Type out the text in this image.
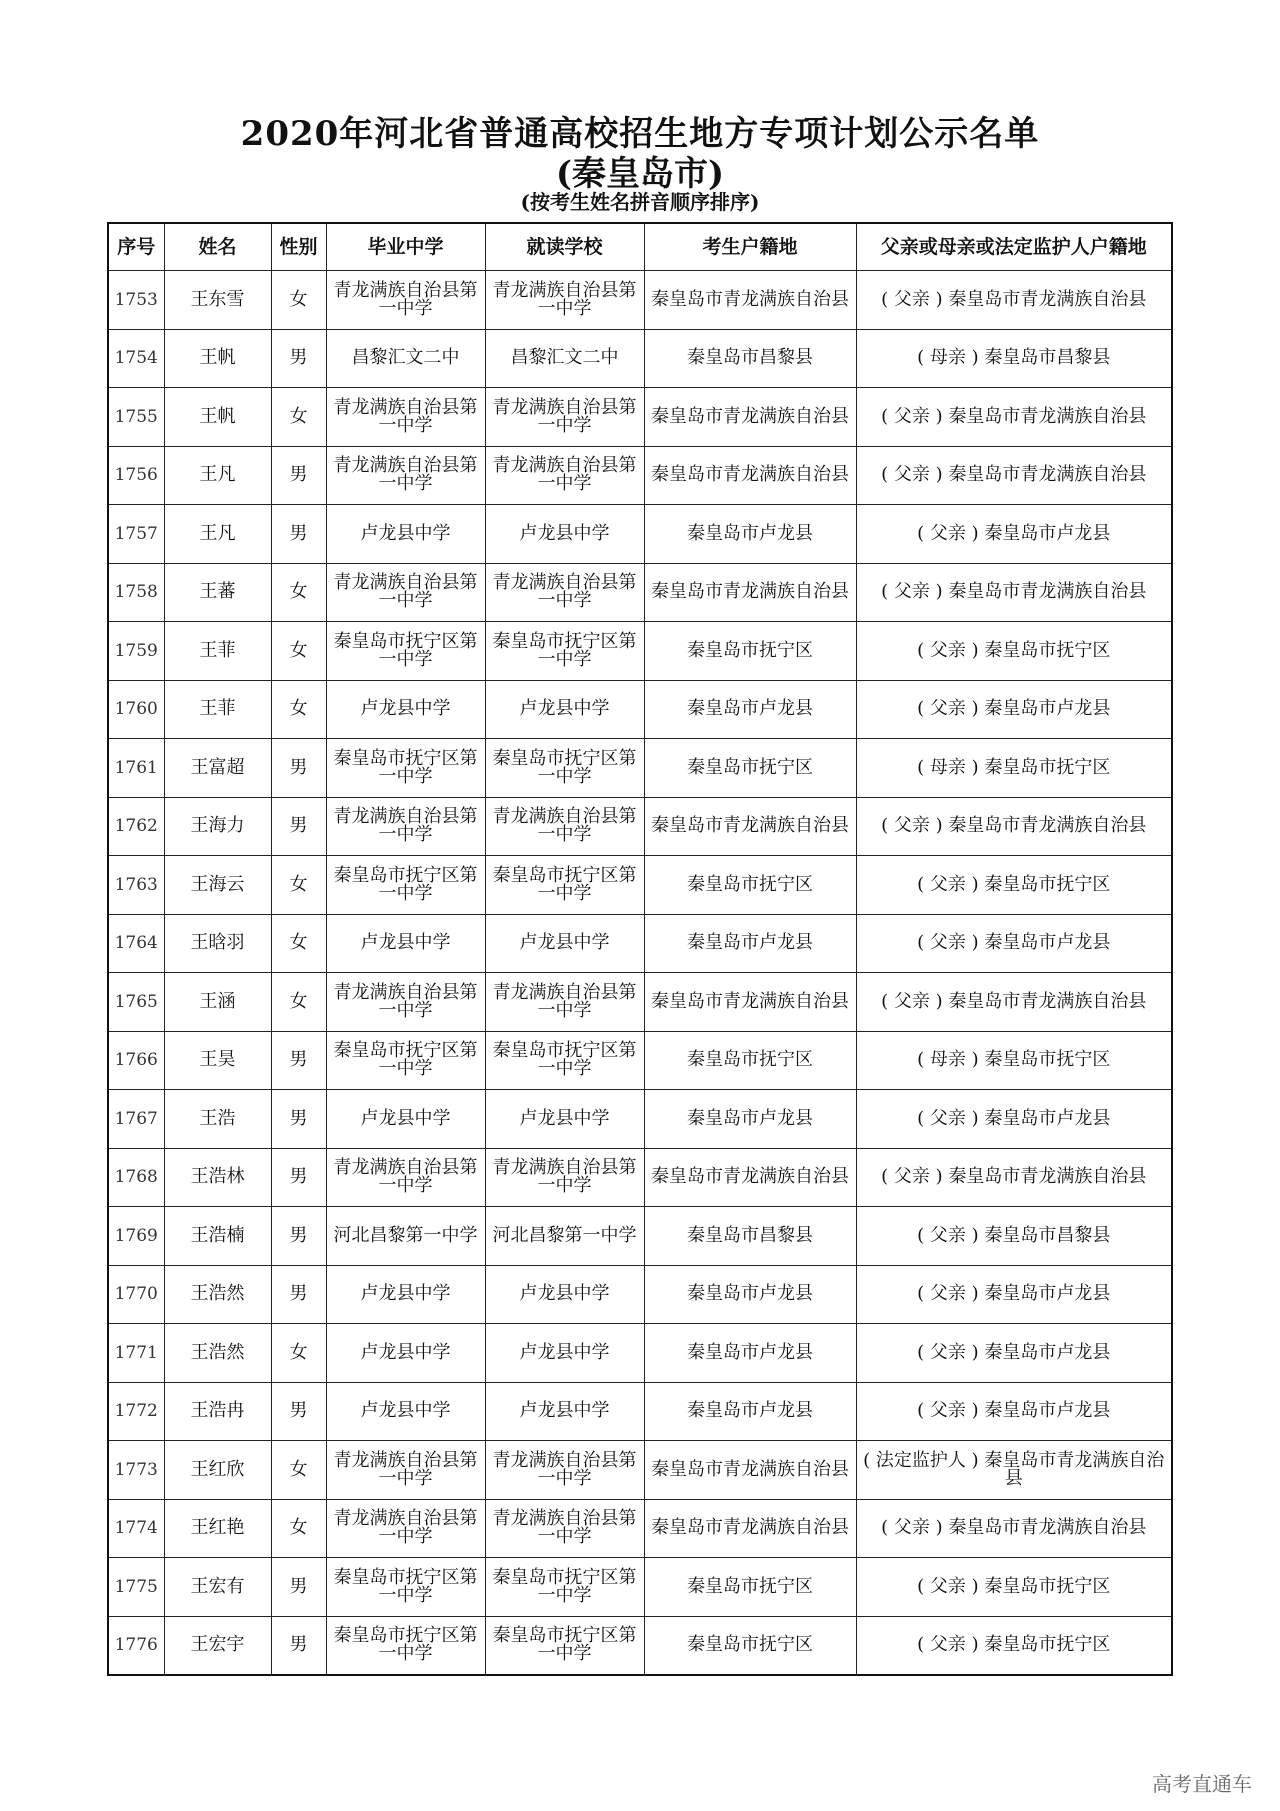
2020年河北省普通高校招生地方专项计划公示名单
(秦皇岛市)
(按考生姓名拼音顺序排序)
序号	姓名	性别	毕业中学	就读学校	考生户籍地	父亲或母亲或法定监护人户籍地
1753	王东雪	女	青龙满族自治县第一中学	青龙满族自治县第一中学	秦皇岛市青龙满族自治县	( 父亲 ) 秦皇岛市青龙满族自治县
1754	王帆	男	昌黎汇文二中	昌黎汇文二中	秦皇岛市昌黎县	( 母亲 ) 秦皇岛市昌黎县
1755	王帆	女	青龙满族自治县第一中学	青龙满族自治县第一中学	秦皇岛市青龙满族自治县	( 父亲 ) 秦皇岛市青龙满族自治县
1756	王凡	男	青龙满族自治县第一中学	青龙满族自治县第一中学	秦皇岛市青龙满族自治县	( 父亲 ) 秦皇岛市青龙满族自治县
1757	王凡	男	卢龙县中学	卢龙县中学	秦皇岛市卢龙县	( 父亲 ) 秦皇岛市卢龙县
1758	王蕃	女	青龙满族自治县第一中学	青龙满族自治县第一中学	秦皇岛市青龙满族自治县	( 父亲 ) 秦皇岛市青龙满族自治县
1759	王菲	女	秦皇岛市抚宁区第一中学	秦皇岛市抚宁区第一中学	秦皇岛市抚宁区	( 父亲 ) 秦皇岛市抚宁区
1760	王菲	女	卢龙县中学	卢龙县中学	秦皇岛市卢龙县	( 父亲 ) 秦皇岛市卢龙县
1761	王富超	男	秦皇岛市抚宁区第一中学	秦皇岛市抚宁区第一中学	秦皇岛市抚宁区	( 母亲 ) 秦皇岛市抚宁区
1762	王海力	男	青龙满族自治县第一中学	青龙满族自治县第一中学	秦皇岛市青龙满族自治县	( 父亲 ) 秦皇岛市青龙满族自治县
1763	王海云	女	秦皇岛市抚宁区第一中学	秦皇岛市抚宁区第一中学	秦皇岛市抚宁区	( 父亲 ) 秦皇岛市抚宁区
1764	王晗羽	女	卢龙县中学	卢龙县中学	秦皇岛市卢龙县	( 父亲 ) 秦皇岛市卢龙县
1765	王涵	女	青龙满族自治县第一中学	青龙满族自治县第一中学	秦皇岛市青龙满族自治县	( 父亲 ) 秦皇岛市青龙满族自治县
1766	王昊	男	秦皇岛市抚宁区第一中学	秦皇岛市抚宁区第一中学	秦皇岛市抚宁区	( 母亲 ) 秦皇岛市抚宁区
1767	王浩	男	卢龙县中学	卢龙县中学	秦皇岛市卢龙县	( 父亲 ) 秦皇岛市卢龙县
1768	王浩林	男	青龙满族自治县第一中学	青龙满族自治县第一中学	秦皇岛市青龙满族自治县	( 父亲 ) 秦皇岛市青龙满族自治县
1769	王浩楠	男	河北昌黎第一中学	河北昌黎第一中学	秦皇岛市昌黎县	( 父亲 ) 秦皇岛市昌黎县
1770	王浩然	男	卢龙县中学	卢龙县中学	秦皇岛市卢龙县	( 父亲 ) 秦皇岛市卢龙县
1771	王浩然	女	卢龙县中学	卢龙县中学	秦皇岛市卢龙县	( 父亲 ) 秦皇岛市卢龙县
1772	王浩冉	男	卢龙县中学	卢龙县中学	秦皇岛市卢龙县	( 父亲 ) 秦皇岛市卢龙县
1773	王红欣	女	青龙满族自治县第一中学	青龙满族自治县第一中学	秦皇岛市青龙满族自治县	( 法定监护人 ) 秦皇岛市青龙满族自治县
1774	王红艳	女	青龙满族自治县第一中学	青龙满族自治县第一中学	秦皇岛市青龙满族自治县	( 父亲 ) 秦皇岛市青龙满族自治县
1775	王宏有	男	秦皇岛市抚宁区第一中学	秦皇岛市抚宁区第一中学	秦皇岛市抚宁区	( 父亲 ) 秦皇岛市抚宁区
1776	王宏宇	男	秦皇岛市抚宁区第一中学	秦皇岛市抚宁区第一中学	秦皇岛市抚宁区	( 父亲 ) 秦皇岛市抚宁区
高考直通车
